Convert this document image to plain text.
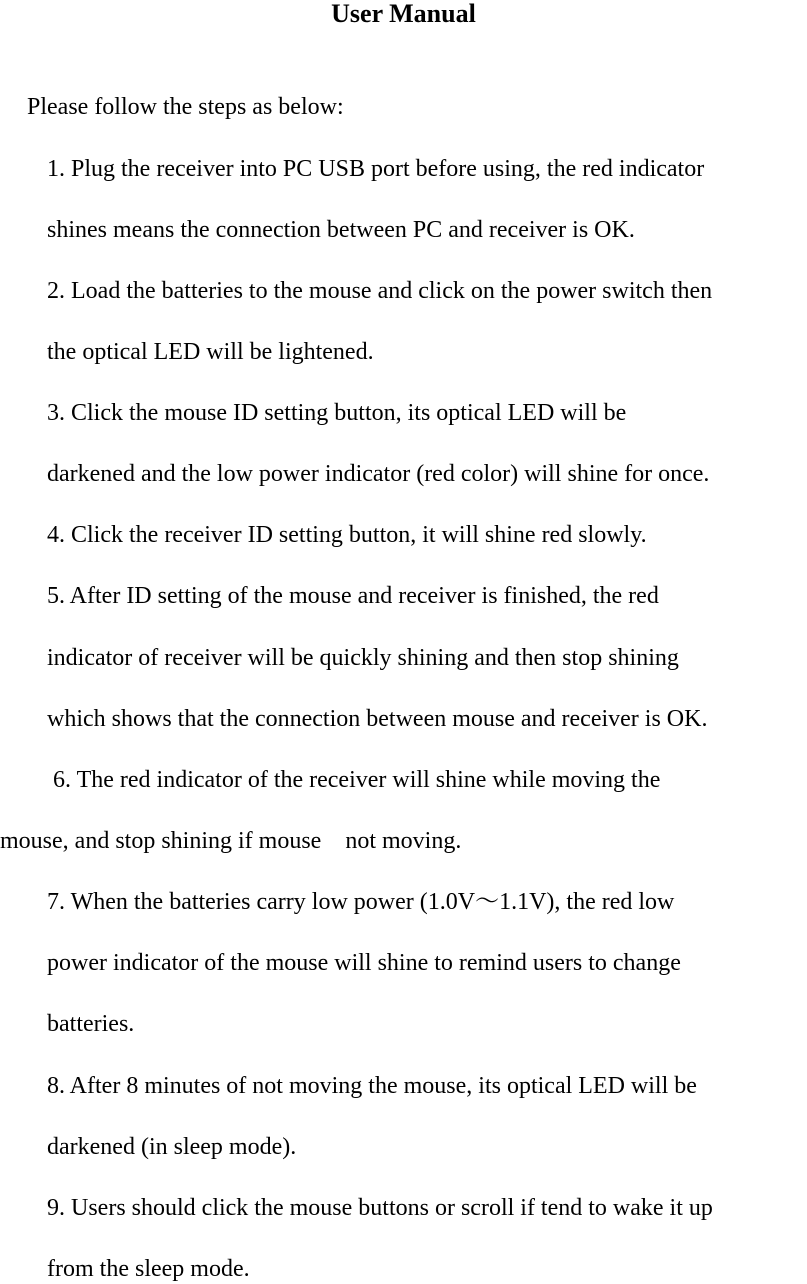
User Manual
Please follow the steps as below:
1. Plug the receiver into PC USB port before using, the red indicator
shines means the connection between PC and receiver is OK.
2. Load the batteries to the mouse and click on the power switch then
the optical LED will be lightened.
3. Click the mouse ID setting button, its optical LED will be
darkened and the low power indicator (red color) will shine for once.
4. Click the receiver ID setting button, it will shine red slowly.
5. After ID setting of the mouse and receiver is finished, the red
indicator of receiver will be quickly shining and then stop shining
which shows that the connection between mouse and receiver is OK.
6. The red indicator of the receiver will shine while moving the
mouse, and stop shining if mouse    not moving.
7. When the batteries carry low power (1.0V～1.1V), the red low
power indicator of the mouse will shine to remind users to change
batteries.
8. After 8 minutes of not moving the mouse, its optical LED will be
darkened (in sleep mode).
9. Users should click the mouse buttons or scroll if tend to wake it up
from the sleep mode.
